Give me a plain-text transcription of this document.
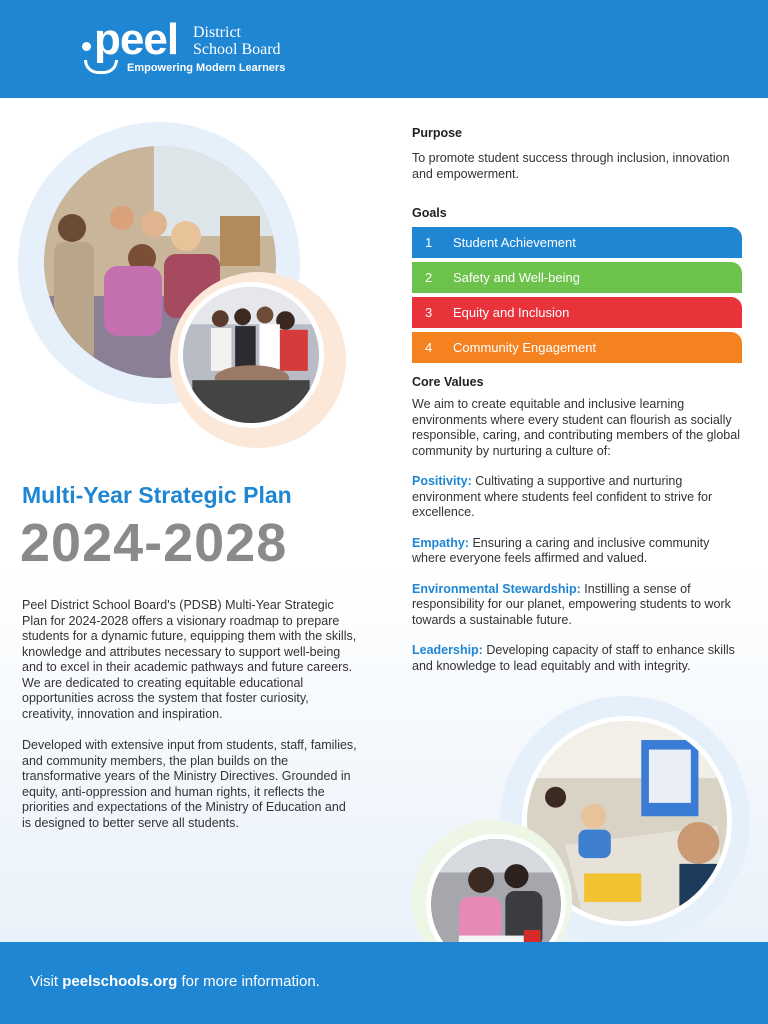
peel District
School Board
Empowering Modern Learners
Multi-Year Strategic Plan
2024-2028

Peel District School Board's (PDSB) Multi-Year Strategic Plan for 2024-2028 offers a visionary roadmap to prepare students for a dynamic future, equipping them with the skills, knowledge and attributes necessary to support well-being and to excel in their academic pathways and future careers. We are dedicated to creating equitable educational opportunities across the system that foster curiosity, creativity, innovation and inspiration.

Developed with extensive input from students, staff, families, and community members, the plan builds on the transformative years of the Ministry Directives. Grounded in equity, anti-oppression and human rights, it reflects the priorities and expectations of the Ministry of Education and is designed to better serve all students.

Purpose
To promote student success through inclusion, innovation and empowerment.
Goals
1	Student Achievement
2	Safety and Well-being
3	Equity and Inclusion
4	Community Engagement
Core Values
We aim to create equitable and inclusive learning environments where every student can flourish as socially responsible, caring, and contributing members of the global community by nurturing a culture of:
Positivity: Cultivating a supportive and nurturing environment where students feel confident to strive for excellence.
Empathy: Ensuring a caring and inclusive community where everyone feels affirmed and valued.
Environmental Stewardship: Instilling a sense of responsibility for our planet, empowering students to work towards a sustainable future.
Leadership: Developing capacity of staff to enhance skills and knowledge to lead equitably and with integrity.
Visit peelschools.org for more information.
